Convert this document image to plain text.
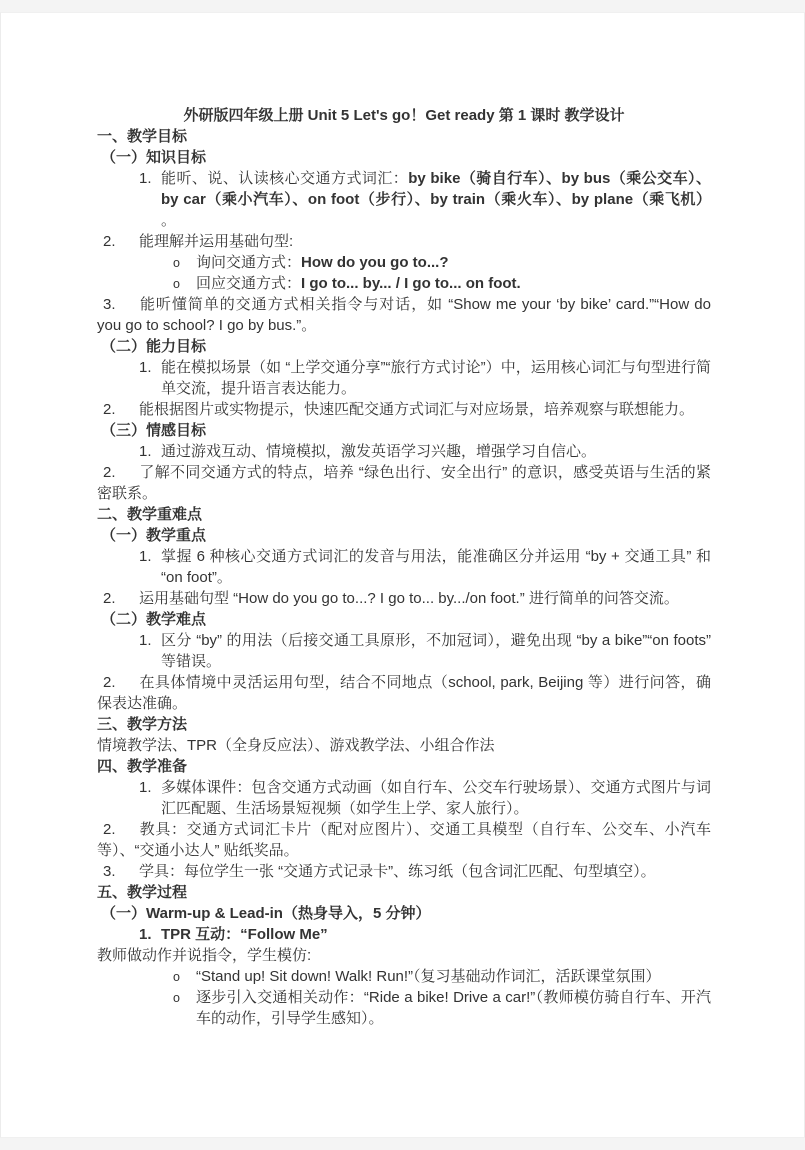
外研版四年级上册 Unit 5 Let's go！Get ready 第 1 课时 教学设计
一、教学目标
（一）知识目标
1. 能听、说、认读核心交通方式词汇：by bike（骑自行车）、by bus（乘公交车）、by car（乘小汽车）、on foot（步行）、by train（乘火车）、by plane（乘飞机） 。
2. 能理解并运用基础句型:
o 询问交通方式：How do you go to...?
o 回应交通方式：I go to... by... / I go to... on foot.
3. 能听懂简单的交通方式相关指令与对话，如 “Show me your ‘by bike’ card.”“How do you go to school? I go by bus.”。
（二）能力目标
1. 能在模拟场景（如 “上学交通分享”“旅行方式讨论”）中，运用核心词汇与句型进行简单交流，提升语言表达能力。
2. 能根据图片或实物提示，快速匹配交通方式词汇与对应场景，培养观察与联想能力。
（三）情感目标
1. 通过游戏互动、情境模拟，激发英语学习兴趣，增强学习自信心。
2. 了解不同交通方式的特点，培养 “绿色出行、安全出行” 的意识，感受英语与生活的紧密联系。
二、教学重难点
（一）教学重点
1. 掌握 6 种核心交通方式词汇的发音与用法，能准确区分并运用 “by + 交通工具” 和 “on foot”。
2. 运用基础句型 “How do you go to...? I go to... by.../on foot.” 进行简单的问答交流。
（二）教学难点
1. 区分 “by” 的用法（后接交通工具原形，不加冠词），避免出现 “by a bike”“on foots” 等错误。
2. 在具体情境中灵活运用句型，结合不同地点（school, park, Beijing 等）进行问答，确保表达准确。
三、教学方法
情境教学法、TPR（全身反应法）、游戏教学法、小组合作法
四、教学准备
1. 多媒体课件：包含交通方式动画（如自行车、公交车行驶场景）、交通方式图片与词汇匹配题、生活场景短视频（如学生上学、家人旅行）。
2. 教具：交通方式词汇卡片（配对应图片）、交通工具模型（自行车、公交车、小汽车等）、“交通小达人” 贴纸奖品。
3. 学具：每位学生一张 “交通方式记录卡”、练习纸（包含词汇匹配、句型填空）。
五、教学过程
（一）Warm-up & Lead-in（热身导入，5 分钟）
1. TPR 互动：“Follow Me”
教师做动作并说指令，学生模仿:
o “Stand up! Sit down! Walk! Run!”（复习基础动作词汇，活跃课堂氛围）
o 逐步引入交通相关动作：“Ride a bike! Drive a car!”（教师模仿骑自行车、开汽车的动作，引导学生感知）。
